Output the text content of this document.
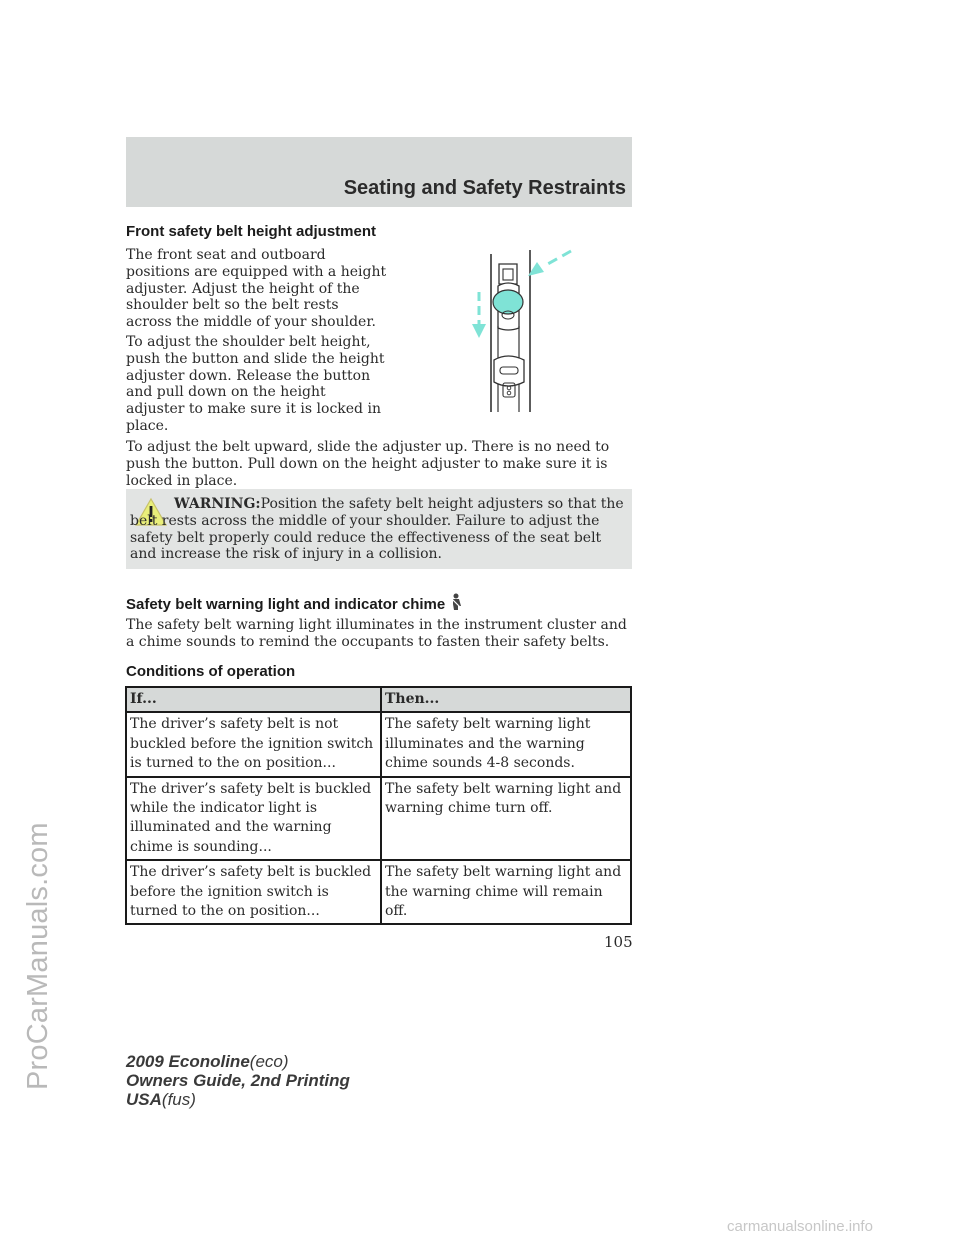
ProCarManuals.com
carmanualsonline.info
Seating and Safety Restraints
Front safety belt height adjustment

The front seat and outboard positions are equipped with a height adjuster. Adjust the height of the shoulder belt so the belt rests across the middle of your shoulder.

To adjust the shoulder belt height, push the button and slide the height adjuster down. Release the button and pull down on the height adjuster to make sure it is locked in place.

To adjust the belt upward, slide the adjuster up. There is no need to push the button. Pull down on the height adjuster to make sure it is locked in place.

WARNING:Position the safety belt height adjusters so that the belt rests across the middle of your shoulder. Failure to adjust the safety belt properly could reduce the effectiveness of the seat belt and increase the risk of injury in a collision.

Safety belt warning light and indicator chime

The safety belt warning light illuminates in the instrument cluster and a chime sounds to remind the occupants to fasten their safety belts.

Conditions of operation
If...	Then...
The driver’s safety belt is not buckled before the ignition switch is turned to the on position...	The safety belt warning light illuminates and the warning chime sounds 4-8 seconds.
The driver’s safety belt is buckled while the indicator light is illuminated and the warning chime is sounding...	The safety belt warning light and warning chime turn off.
The driver’s safety belt is buckled before the ignition switch is turned to the on position...	The safety belt warning light and the warning chime will remain off.
105
2009 Econoline(eco)
Owners Guide, 2nd Printing
USA(fus)
